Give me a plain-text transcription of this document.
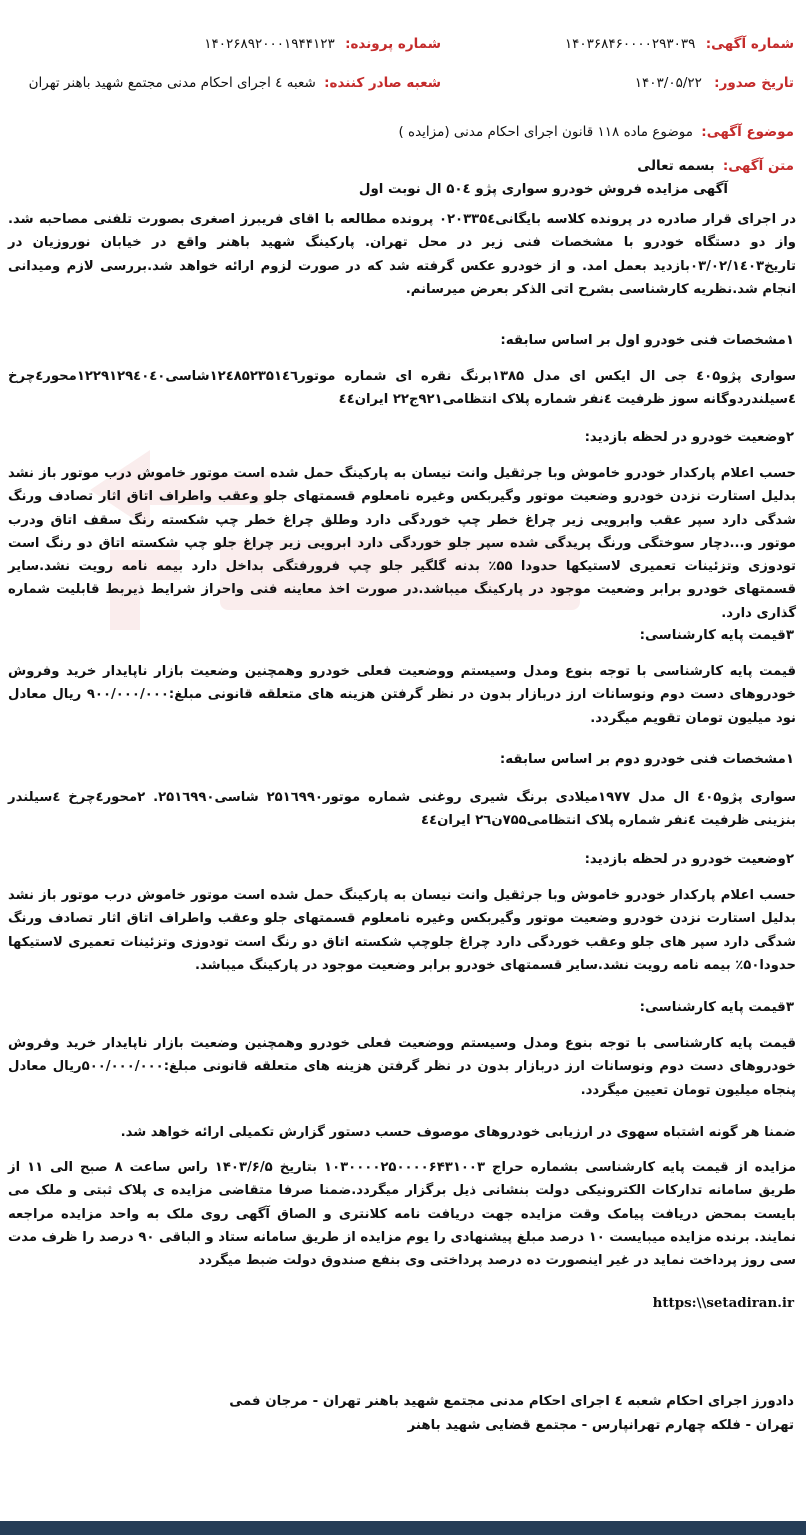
شماره آگهی: ۱۴۰۳۶۸۴۶۰۰۰۰۲۹۳۰۳۹
شماره پرونده: ۱۴۰۲۶۸۹۲۰۰۰۱۹۴۴۱۲۳
تاریخ صدور: ۱۴۰۳/۰۵/۲۲
شعبه صادر کننده: شعبه ٤ اجرای احکام مدنی مجتمع شهید باهنر تهران
موضوع آگهی: موضوع ماده ۱۱۸ قانون اجرای احکام مدنی (مزایده )
متن آگهی: بسمه تعالی
آگهی مزایده فروش خودرو سواری پژو ۵۰٤ ال نوبت اول
در اجرای قرار صادره در پرونده کلاسه بایگانی۰۲۰۳۳۵٤ پرونده مطالعه با اقای فریبرز اصغری بصورت تلفنی مصاحبه شد. واز دو دستگاه خودرو با مشخصات فنی زیر در محل تهران. پارکینگ شهید باهنر واقع در خیابان نوروزیان در تاریخ۰۳/۰۲/۱٤۰۳بازدید بعمل امد. و از خودرو عکس گرفته شد که در صورت لزوم ارائه خواهد شد.بررسی لازم ومیدانی انجام شد.نظریه کارشناسی بشرح اتی الذکر بعرض میرسانم.
۱مشخصات فنی خودرو اول بر اساس سابقه:
سواری پژو٤۰۵ جی ال ایکس ای مدل ۱۳۸۵برنگ نقره ای شماره موتور۱۲٤۸۵۲۳۵۱٤٦شاسی۱۲۲۹۱۲۹٤۰٤۰محور٤چرخ ٤سیلندردوگانه سوز ظرفیت ٤نفر شماره پلاک انتظامی۹۲۱ج۲۲ ایران٤٤
۲وضعیت خودرو در لحظه بازدید:
حسب اعلام پارکدار خودرو خاموش وبا جرثقیل وانت نیسان به پارکینگ حمل شده است موتور خاموش درب موتور باز نشد بدلیل استارت نزدن خودرو وضعیت موتور وگیربکس وغیره نامعلوم قسمتهای جلو وعقب واطراف اتاق اثار تصادف ورنگ شدگی دارد سپر عقب وابرویی زیر چراغ خطر چپ خوردگی دارد وطلق چراغ خطر چپ شکسته رنگ سقف اتاق ودرب موتور و...دچار سوختگی ورنگ پریدگی شده سپر جلو خوردگی دارد ابرویی زیر چراغ جلو چپ شکسته اتاق دو رنگ است تودوزی وتزئینات تعمیری لاستیکها حدودا ۵۵٪ بدنه گلگیر جلو چپ فرورفتگی بداخل دارد بیمه نامه رویت نشد.سایر قسمتهای خودرو برابر وضعیت موجود در پارکینگ میباشد.در صورت اخذ معاینه فنی واحراز شرایط ذیربط قابلیت شماره گذاری دارد.
۳قیمت پایه کارشناسی:
قیمت پایه کارشناسی با توجه بنوع ومدل وسیستم ووضعیت فعلی خودرو وهمچنین وضعیت بازار ناپایدار خرید وفروش خودروهای دست دوم ونوسانات ارز دربازار بدون در نظر گرفتن هزینه های متعلقه قانونی مبلغ:۹۰۰/۰۰۰/۰۰۰ ریال معادل نود میلیون تومان تقویم میگردد.
۱مشخصات فنی خودرو دوم بر اساس سابقه:
سواری پژو٤۰۵ ال مدل ۱۹۷۷میلادی برنگ شیری روغنی شماره موتور۲۵۱٦۹۹۰ شاسی۲۵۱٦۹۹۰. ۲محور٤چرخ ٤سیلندر بنزینی ظرفیت ٤نفر شماره پلاک انتظامی۷۵۵ن۲٦ ایران٤٤
۲وضعیت خودرو در لحظه بازدید:
حسب اعلام پارکدار خودرو خاموش وبا جرثقیل وانت نیسان به پارکینگ حمل شده است موتور خاموش درب موتور باز نشد بدلیل استارت نزدن خودرو وضعیت موتور وگیربکس وغیره نامعلوم قسمتهای جلو وعقب واطراف اتاق اثار تصادف ورنگ شدگی دارد سپر های جلو وعقب خوردگی دارد چراغ جلوچپ شکسته اتاق دو رنگ است تودوزی وتزئینات تعمیری لاستیکها حدودا۵۰٪ بیمه نامه رویت نشد.سایر قسمتهای خودرو برابر وضعیت موجود در پارکینگ میباشد.
۳قیمت پایه کارشناسی:
قیمت پایه کارشناسی با توجه بنوع ومدل وسیستم ووضعیت فعلی خودرو وهمچنین وضعیت بازار ناپایدار خرید وفروش خودروهای دست دوم ونوسانات ارز دربازار بدون در نظر گرفتن هزینه های متعلقه قانونی مبلغ:۵۰۰/۰۰۰/۰۰۰ریال معادل پنجاه میلیون تومان تعیین میگردد.
ضمنا هر گونه اشتباه سهوی در ارزیابی خودروهای موصوف حسب دستور گزارش تکمیلی ارائه خواهد شد.
مزایده از قیمت پایه کارشناسی بشماره حراج ۱۰۳۰۰۰۰۲۵۰۰۰۰۶۴۳۱۰۰۳ بتاریخ ۱۴۰۳/۶/۵ راس ساعت ۸ صبح الی ۱۱ از طریق سامانه تدارکات الکترونیکی دولت بنشانی ذیل برگزار میگردد.ضمنا صرفا متقاضی مزایده ی پلاک ثبتی و ملک می بایست بمحض دریافت پیامک وقت مزایده جهت دریافت نامه کلانتری و الصاق آگهی روی ملک به واحد مزایده مراجعه نمایند. برنده مزایده میبایست ۱۰ درصد مبلغ پیشنهادی را یوم مزایده از طریق سامانه ستاد و الباقی ۹۰ درصد را ظرف مدت سی روز پرداخت نماید در غیر اینصورت ده درصد پرداختی وی بنفع صندوق دولت ضبط میگردد
https:\\setadiran.ir
دادورز اجرای احکام شعبه ٤ اجرای احکام مدنی مجتمع شهید باهنر تهران - مرجان فمی
تهران - فلکه چهارم تهرانپارس - مجتمع قضایی شهید باهنر
